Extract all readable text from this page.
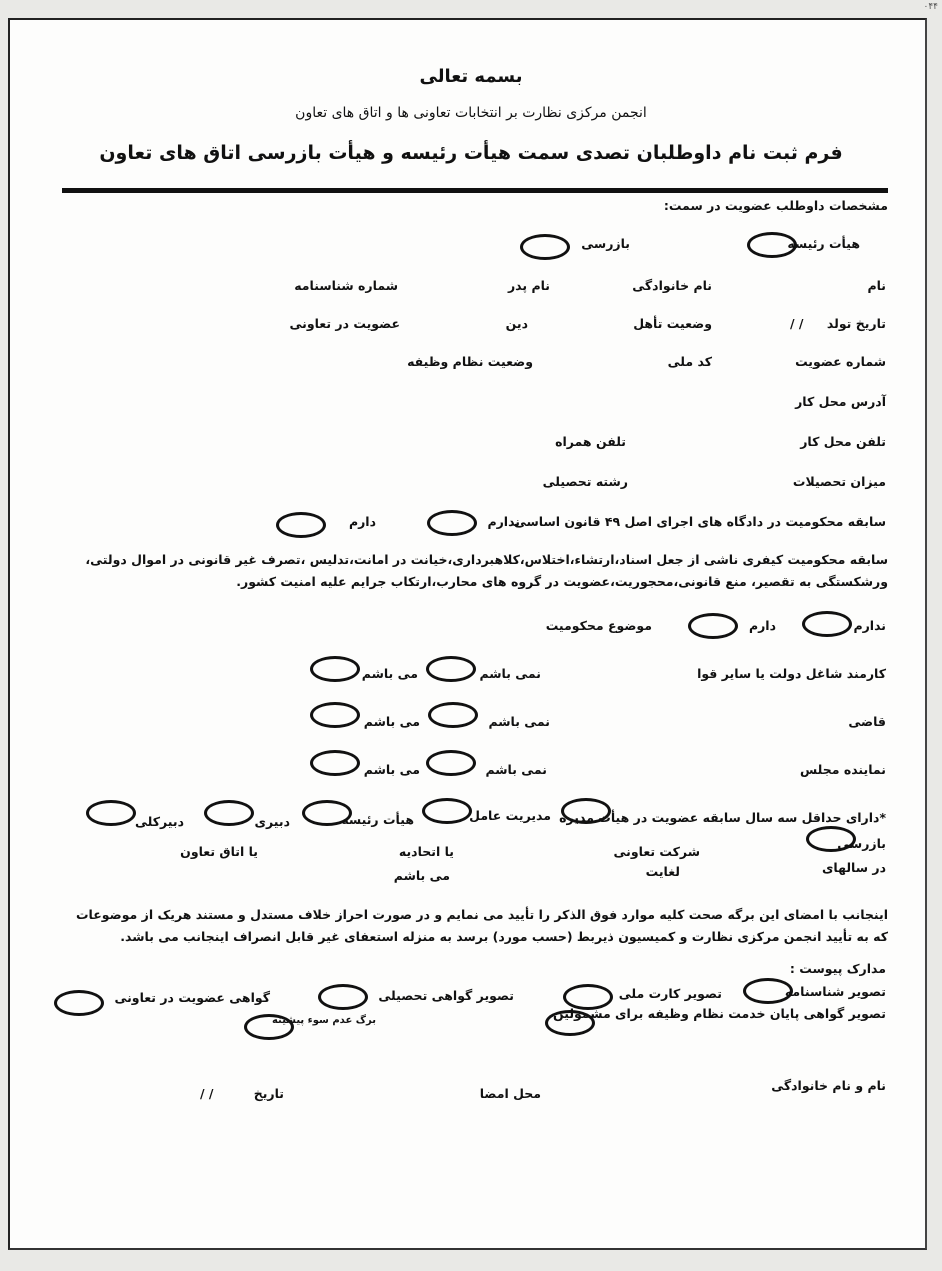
۰۴۴
بسمه تعالی
انجمن مرکزی نظارت بر انتخابات تعاونی ها و اتاق های تعاون
فرم ثبت نام داوطلبان تصدی سمت هیأت رئیسه و هیأت بازرسی اتاق های تعاون
مشخصات داوطلب عضویت در سمت:
هیأت رئیسه
بازرسی
نام
نام خانوادگی
نام پدر
شماره شناسنامه
تاریخ تولد
/ /
وضعیت تأهل
دین
عضویت در تعاونی
شماره عضویت
کد ملی
وضعیت نظام وظیفه
آدرس محل کار
تلفن محل کار
تلفن همراه
میزان تحصیلات
رشته تحصیلی
سابقه محکومیت در دادگاه های اجرای اصل ۴۹ قانون اساسی
ندارم
دارم
سابقه محکومیت کیفری ناشی از جعل اسناد،ارتشاء،اختلاس،کلاهبرداری،خیانت در امانت،تدلیس ،تصرف غیر قانونی در اموال دولتی، ورشکستگی به تقصیر، منع قانونی،محجوریت،عضویت در گروه های محارب،ارتکاب جرایم علیه امنیت کشور.
ندارم
دارم
موضوع محکومیت
کارمند شاغل دولت یا سایر قوا
نمی باشم
می باشم
قاضی
نمی باشم
می باشم
نماینده مجلس
نمی باشم
می باشم
*دارای حداقل سه سال سابقه عضویت در هیأت مدیره
مدیریت عامل
هیأت رئیسه
دبیری
دبیرکلی
بازرسی
در سالهای
شرکت تعاونی
لغایت
یا اتحادیه
می باشم
یا اتاق تعاون
اینجانب با امضای این برگه صحت کلیه موارد فوق الذکر را تأیید می نمایم و در صورت احراز خلاف مستدل و مستند هریک از موضوعات که به تأیید انجمن مرکزی نظارت و کمیسیون ذیربط (حسب مورد) برسد به منزله استعفای غیر قابل انصراف اینجانب می باشد.
مدارک پیوست :
تصویر شناسنامه
تصویر کارت ملی
تصویر گواهی تحصیلی
گواهی عضویت در تعاونی
تصویر گواهی پایان خدمت نظام وظیفه برای مشمولین
برگ عدم سوء پیشینه
نام و نام خانوادگی
محل امضا
تاریخ
/ /
